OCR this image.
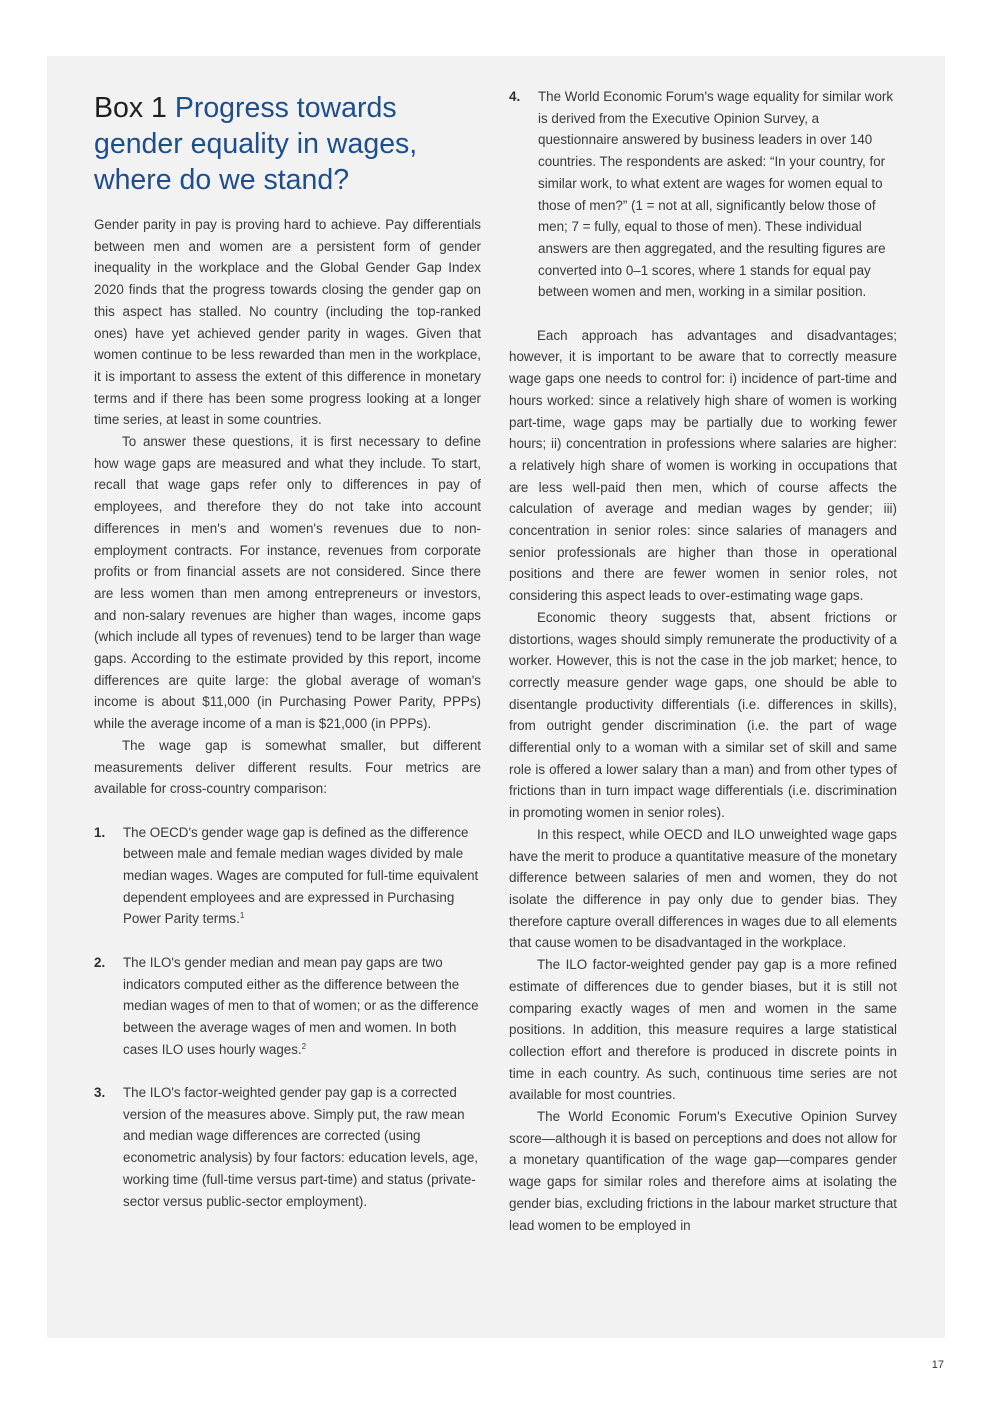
Box 1 Progress towards gender equality in wages, where do we stand?

Gender parity in pay is proving hard to achieve. Pay differentials between men and women are a persistent form of gender inequality in the workplace and the Global Gender Gap Index 2020 finds that the progress towards closing the gender gap on this aspect has stalled. No country (including the top-ranked ones) have yet achieved gender parity in wages. Given that women continue to be less rewarded than men in the workplace, it is important to assess the extent of this difference in monetary terms and if there has been some progress looking at a longer time series, at least in some countries.

To answer these questions, it is first necessary to define how wage gaps are measured and what they include. To start, recall that wage gaps refer only to differences in pay of employees, and therefore they do not take into account differences in men's and women's revenues due to non-employment contracts. For instance, revenues from corporate profits or from financial assets are not considered. Since there are less women than men among entrepreneurs or investors, and non-salary revenues are higher than wages, income gaps (which include all types of revenues) tend to be larger than wage gaps. According to the estimate provided by this report, income differences are quite large: the global average of woman's income is about $11,000 (in Purchasing Power Parity, PPPs) while the average income of a man is $21,000 (in PPPs).

The wage gap is somewhat smaller, but different measurements deliver different results. Four metrics are available for cross-country comparison:

1.	The OECD's gender wage gap is defined as the difference between male and female median wages divided by male median wages. Wages are computed for full-time equivalent dependent employees and are expressed in Purchasing Power Parity terms.$^1$
2.	The ILO's gender median and mean pay gaps are two indicators computed either as the difference between the median wages of men to that of women; or as the difference between the average wages of men and women. In both cases ILO uses hourly wages.$^2$
3.	The ILO's factor-weighted gender pay gap is a corrected version of the measures above. Simply put, the raw mean and median wage differences are corrected (using econometric analysis) by four factors: education levels, age, working time (full-time versus part-time) and status (private-sector versus public-sector employment).
4.	The World Economic Forum's wage equality for similar work is derived from the Executive Opinion Survey, a questionnaire answered by business leaders in over 140 countries. The respondents are asked: “In your country, for similar work, to what extent are wages for women equal to those of men?” (1 = not at all, significantly below those of men; 7 = fully, equal to those of men). These individual answers are then aggregated, and the resulting figures are converted into 0–1 scores, where 1 stands for equal pay between women and men, working in a similar position.

Each approach has advantages and disadvantages; however, it is important to be aware that to correctly measure wage gaps one needs to control for: i) incidence of part-time and hours worked: since a relatively high share of women is working part-time, wage gaps may be partially due to working fewer hours; ii) concentration in professions where salaries are higher: a relatively high share of women is working in occupations that are less well-paid then men, which of course affects the calculation of average and median wages by gender; iii) concentration in senior roles: since salaries of managers and senior professionals are higher than those in operational positions and there are fewer women in senior roles, not considering this aspect leads to over-estimating wage gaps.

Economic theory suggests that, absent frictions or distortions, wages should simply remunerate the productivity of a worker. However, this is not the case in the job market; hence, to correctly measure gender wage gaps, one should be able to disentangle productivity differentials (i.e. differences in skills), from outright gender discrimination (i.e. the part of wage differential only to a woman with a similar set of skill and same role is offered a lower salary than a man) and from other types of frictions than in turn impact wage differentials (i.e. discrimination in promoting women in senior roles).

In this respect, while OECD and ILO unweighted wage gaps have the merit to produce a quantitative measure of the monetary difference between salaries of men and women, they do not isolate the difference in pay only due to gender bias. They therefore capture overall differences in wages due to all elements that cause women to be disadvantaged in the workplace.

The ILO factor-weighted gender pay gap is a more refined estimate of differences due to gender biases, but it is still not comparing exactly wages of men and women in the same positions. In addition, this measure requires a large statistical collection effort and therefore is produced in discrete points in time in each country. As such, continuous time series are not available for most countries.

The World Economic Forum's Executive Opinion Survey score—although it is based on perceptions and does not allow for a monetary quantification of the wage gap—compares gender wage gaps for similar roles and therefore aims at isolating the gender bias, excluding frictions in the labour market structure that lead women to be employed in

17
